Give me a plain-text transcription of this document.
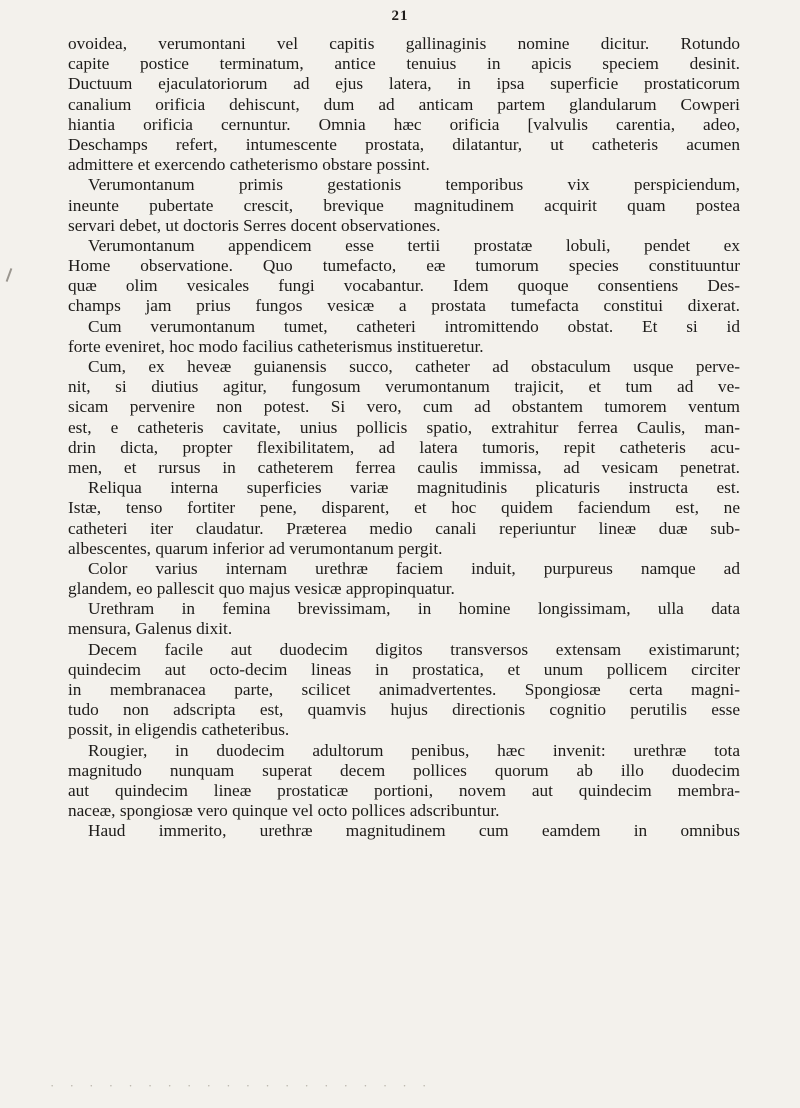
21
ovoidea, verumontani vel capitis gallinaginis nomine dicitur. Rotundo
capite postice terminatum, antice tenuius in apicis speciem desinit.
Ductuum ejaculatoriorum ad ejus latera, in ipsa superficie prostaticorum
canalium orificia dehiscunt, dum ad anticam partem glandularum Cowperi
hiantia orificia cernuntur. Omnia hæc orificia [valvulis carentia, adeo,
Deschamps refert, intumescente prostata, dilatantur, ut catheteris acumen
admittere et exercendo catheterismo obstare possint.
Verumontanum primis gestationis temporibus vix perspiciendum,
ineunte pubertate crescit, brevique magnitudinem acquirit quam postea
servari debet, ut doctoris Serres docent observationes.
Verumontanum appendicem esse tertii prostatæ lobuli, pendet ex
Home observatione. Quo tumefacto, eæ tumorum species constituuntur
quæ olim vesicales fungi vocabantur. Idem quoque consentiens Des-
champs jam prius fungos vesicæ a prostata tumefacta constitui dixerat.
Cum verumontanum tumet, catheteri intromittendo obstat. Et si id
forte eveniret, hoc modo facilius catheterismus institueretur.
Cum, ex heveæ guianensis succo, catheter ad obstaculum usque perve-
nit, si diutius agitur, fungosum verumontanum trajicit, et tum ad ve-
sicam pervenire non potest. Si vero, cum ad obstantem tumorem ventum
est, e catheteris cavitate, unius pollicis spatio, extrahitur ferrea Caulis, man-
drin dicta, propter flexibilitatem, ad latera tumoris, repit catheteris acu-
men, et rursus in catheterem ferrea caulis immissa, ad vesicam penetrat.
Reliqua interna superficies variæ magnitudinis plicaturis instructa est.
Istæ, tenso fortiter pene, disparent, et hoc quidem faciendum est, ne
catheteri iter claudatur. Præterea medio canali reperiuntur lineæ duæ sub-
albescentes, quarum inferior ad verumontanum pergit.
Color varius internam urethræ faciem induit, purpureus namque ad
glandem, eo pallescit quo majus vesicæ appropinquatur.
Urethram in femina brevissimam, in homine longissimam, ulla data
mensura, Galenus dixit.
Decem facile aut duodecim digitos transversos extensam existimarunt;
quindecim aut octo-decim lineas in prostatica, et unum pollicem circiter
in membranacea parte, scilicet animadvertentes. Spongiosæ certa magni-
tudo non adscripta est, quamvis hujus directionis cognitio perutilis esse
possit, in eligendis catheteribus.
Rougier, in duodecim adultorum penibus, hæc invenit: urethræ tota
magnitudo nunquam superat decem pollices quorum ab illo duodecim
aut quindecim lineæ prostaticæ portioni, novem aut quindecim membra-
naceæ, spongiosæ vero quinque vel octo pollices adscribuntur.
Haud immerito, urethræ magnitudinem cum eamdem in omnibus
· · · · · · · · · · · · · · · · · · · ·
